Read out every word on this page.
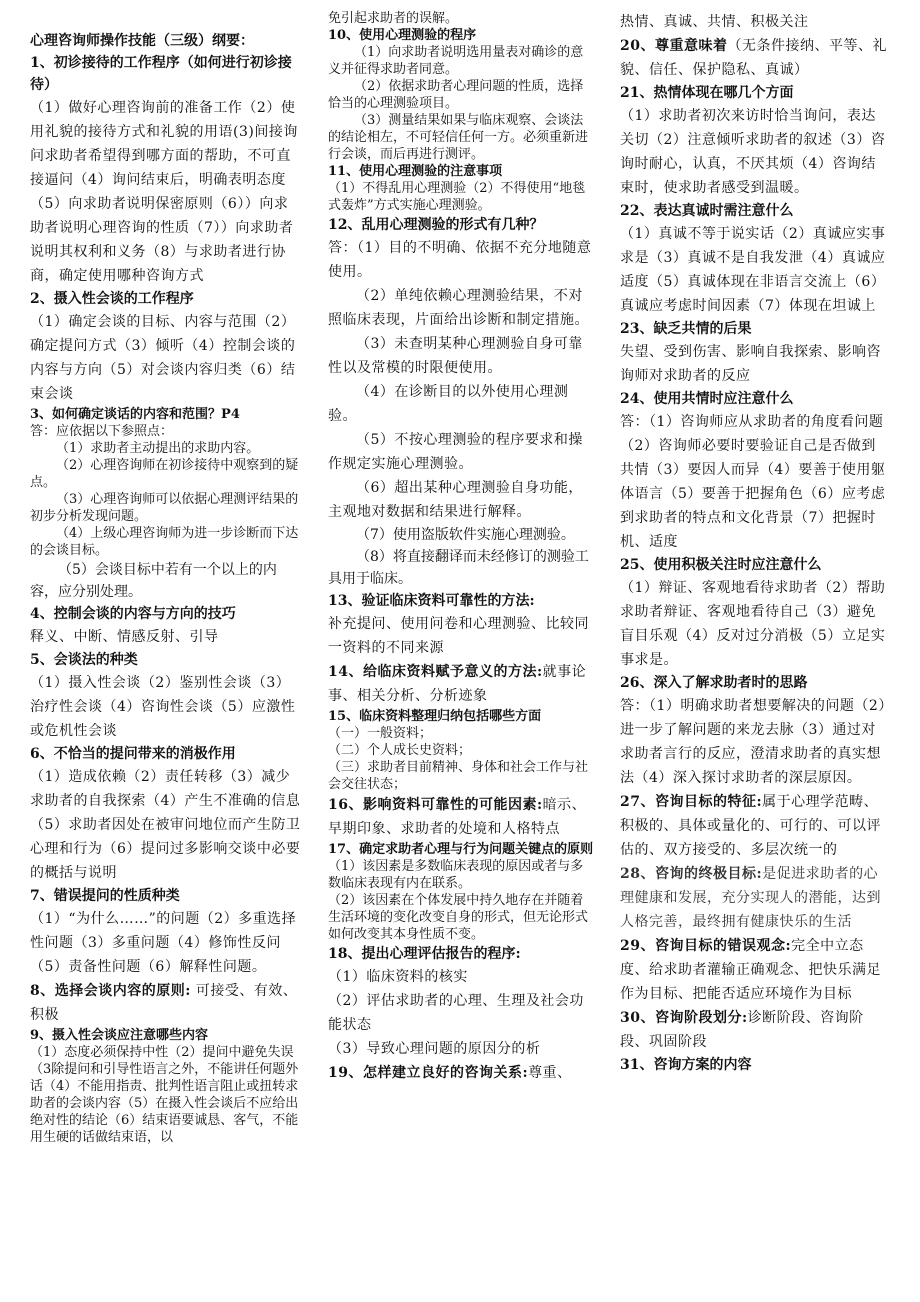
心理咨询师操作技能（三级）纲要：

1、初诊接待的工作程序（如何进行初诊接待）

（1）做好心理咨询前的准备工作（2）使用礼貌的接待方式和礼貌的用语(3)间接询问求助者希望得到哪方面的帮助，不可直接逼问（4）询问结束后，明确表明态度（5）向求助者说明保密原则（6））向求助者说明心理咨询的性质（7））向求助者说明其权利和义务（8）与求助者进行协商，确定使用哪种咨询方式

2、摄入性会谈的工作程序

（1）确定会谈的目标、内容与范围（2）确定提问方式（3）倾听（4）控制会谈的内容与方向（5）对会谈内容归类（6）结束会谈

3、如何确定谈话的内容和范围？P4

答：应依据以下参照点：

（1）求助者主动提出的求助内容。

（2）心理咨询师在初诊接待中观察到的疑点。

（3）心理咨询师可以依据心理测评结果的初步分析发现问题。

（4）上级心理咨询师为进一步诊断而下达的会谈目标。

（5）会谈目标中若有一个以上的内容，应分别处理。

4、控制会谈的内容与方向的技巧

释义、中断、情感反射、引导

5、会谈法的种类

（1）摄入性会谈（2）鉴别性会谈（3）治疗性会谈（4）咨询性会谈（5）应激性或危机性会谈

6、不恰当的提问带来的消极作用

（1）造成依赖（2）责任转移（3）减少求助者的自我探索（4）产生不准确的信息（5）求助者因处在被审问地位而产生防卫心理和行为（6）提问过多影响交谈中必要的概括与说明

7、错误提问的性质种类

（1）“为什么……”的问题（2）多重选择性问题（3）多重问题（4）修饰性反问（5）责备性问题（6）解释性问题。

8、选择会谈内容的原则: 可接受、有效、积极

9、摄入性会谈应注意哪些内容

（1）态度必须保持中性（2）提问中避免失误（3除提问和引导性语言之外，不能讲任何题外话（4）不能用指责、批判性语言阻止或扭转求助者的会谈内容（5）在摄入性会谈后不应给出绝对性的结论（6）结束语要诚恳、客气，不能用生硬的话做结束语，以

免引起求助者的误解。

10、使用心理测验的程序

（1）向求助者说明选用量表对确诊的意义并征得求助者同意。

（2）依据求助者心理问题的性质，选择恰当的心理测验项目。

（3）测量结果如果与临床观察、会谈法的结论相左，不可轻信任何一方。必须重新进行会谈，而后再进行测评。

11、使用心理测验的注意事项

（1）不得乱用心理测验（2）不得使用“地毯式轰炸”方式实施心理测验。

12、乱用心理测验的形式有几种？

答：（1）目的不明确、依据不充分地随意使用。

（2）单纯依赖心理测验结果，不对照临床表现，片面给出诊断和制定措施。

（3）未查明某种心理测验自身可靠性以及常模的时限便使用。

（4）在诊断目的以外使用心理测验。

（5）不按心理测验的程序要求和操作规定实施心理测验。

（6）超出某种心理测验自身功能，主观地对数据和结果进行解释。

（7）使用盗版软件实施心理测验。

（8）将直接翻译而未经修订的测验工具用于临床。

13、验证临床资料可靠性的方法:

补充提问、使用问卷和心理测验、比较同一资料的不同来源

14、给临床资料赋予意义的方法:就事论事、相关分析、分析迹象

15、临床资料整理归纳包括哪些方面

（一）一般资料；

（二）个人成长史资料；

（三）求助者目前精神、身体和社会工作与社会交往状态；

16、影响资料可靠性的可能因素:暗示、早期印象、求助者的处境和人格特点

17、确定求助者心理与行为问题关键点的原则

（1）该因素是多数临床表现的原因或者与多数临床表现有内在联系。

（2）该因素在个体发展中持久地存在并随着生活环境的变化改变自身的形式，但无论形式如何改变其本身性质不变。

18、提出心理评估报告的程序:

（1）临床资料的核实

（2）评估求助者的心理、生理及社会功能状态

（3）导致心理问题的原因分的析

19、怎样建立良好的咨询关系:尊重、

热情、真诚、共情、积极关注

20、尊重意味着（无条件接纳、平等、礼貌、信任、保护隐私、真诚）

21、热情体现在哪几个方面

（1）求助者初次来访时恰当询问，表达关切（2）注意倾听求助者的叙述（3）咨询时耐心，认真，不厌其烦（4）咨询结束时，使求助者感受到温暖。

22、表达真诚时需注意什么

（1）真诚不等于说实话（2）真诚应实事求是（3）真诚不是自我发泄（4）真诚应适度（5）真诚体现在非语言交流上（6）真诚应考虑时间因素（7）体现在坦诚上

23、缺乏共情的后果

失望、受到伤害、影响自我探索、影响咨询师对求助者的反应

24、使用共情时应注意什么

答：（1）咨询师应从求助者的角度看问题（2）咨询师必要时要验证自己是否做到共情（3）要因人而异（4）要善于使用躯体语言（5）要善于把握角色（6）应考虑到求助者的特点和文化背景（7）把握时机、适度

25、使用积极关注时应注意什么

（1）辩证、客观地看待求助者（2）帮助求助者辩证、客观地看待自己（3）避免盲目乐观（4）反对过分消极（5）立足实事求是。

26、深入了解求助者时的思路

答：（1）明确求助者想要解决的问题（2）进一步了解问题的来龙去脉（3）通过对求助者言行的反应，澄清求助者的真实想法（4）深入探讨求助者的深层原因。

27、咨询目标的特征:属于心理学范畴、积极的、具体或量化的、可行的、可以评估的、双方接受的、多层次统一的

28、咨询的终极目标:是促进求助者的心理健康和发展，充分实现人的潜能，达到人格完善，最终拥有健康快乐的生活

29、咨询目标的错误观念:完全中立态度、给求助者灌输正确观念、把快乐满足作为目标、把能否适应环境作为目标

30、咨询阶段划分:诊断阶段、咨询阶段、巩固阶段

31、咨询方案的内容
